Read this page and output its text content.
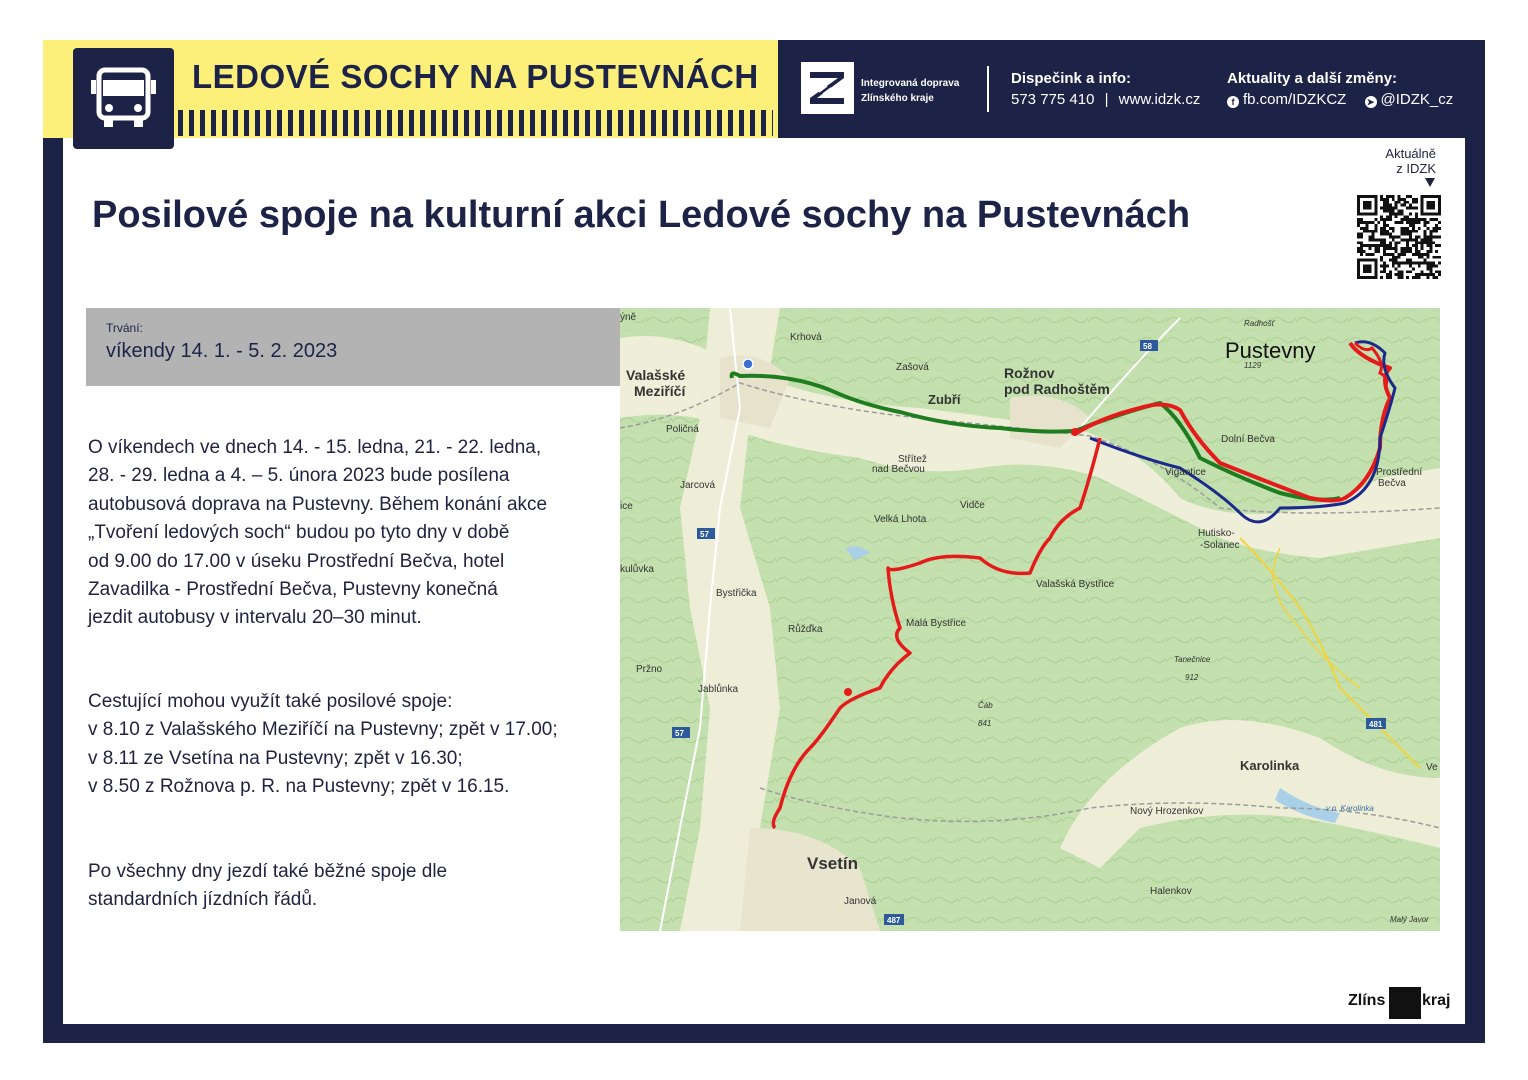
LEDOVÉ SOCHY NA PUSTEVNÁCH	Integrovaná doprava
Zlínského kraje
Dispečink a info:
573 775 410 | www.idzk.cz
Aktuality a další změny:
f fb.com/IDZKCZ ➤ @IDZK_cz
Aktuálně
z IDZK
Posilové spoje na kulturní akci Ledové sochy na Pustevnách
Trvání:
víkendy 14. 1. - 5. 2. 2023
O víkendech ve dnech 14. - 15. ledna, 21. - 22. ledna,
28. - 29. ledna a 4. – 5. února 2023 bude posílena
autobusová doprava na Pustevny. Během konání akce
„Tvoření ledových soch“ budou po tyto dny v době
od 9.00 do 17.00 v úseku Prostřední Bečva, hotel
Zavadilka - Prostřední Bečva, Pustevny konečná
jezdit autobusy v intervalu 20–30 minut.
Cestující mohou využít také posilové spoje:
v 8.10 z Valašského Meziříčí na Pustevny; zpět v 17.00;
v 8.11 ze Vsetína na Pustevny; zpět v 16.30;
v 8.50 z Rožnova p. R. na Pustevny; zpět v 16.15.
Po všechny dny jezdí také běžné spoje dle
standardních jízdních řádů.
Pustevny
Valašské
Meziříčí
Rožnov
pod Radhoštěm
Zubří
Vsetín
Karolinka
Krhová
Zašová
Poličná
Jarcová
Střítež
nad Bečvou
Velká Lhota
Vidče
Dolní Bečva
Vigantice
Hutisko-
-Solanec
Prostřední
Bečva
Valašská Bystřice
Bystřička
Růžďka
Malá Bystřice
Pržno
Jablůnka
Tanečnice
912
Čáb
841
Nový Hrozenkov
Halenkov
Janová
Radhošť
1129
v.n. Karolinka
Malý Javor
ýně
ice
kulůvka
Ve
57
57
58
481
487
Zlíns kraj
